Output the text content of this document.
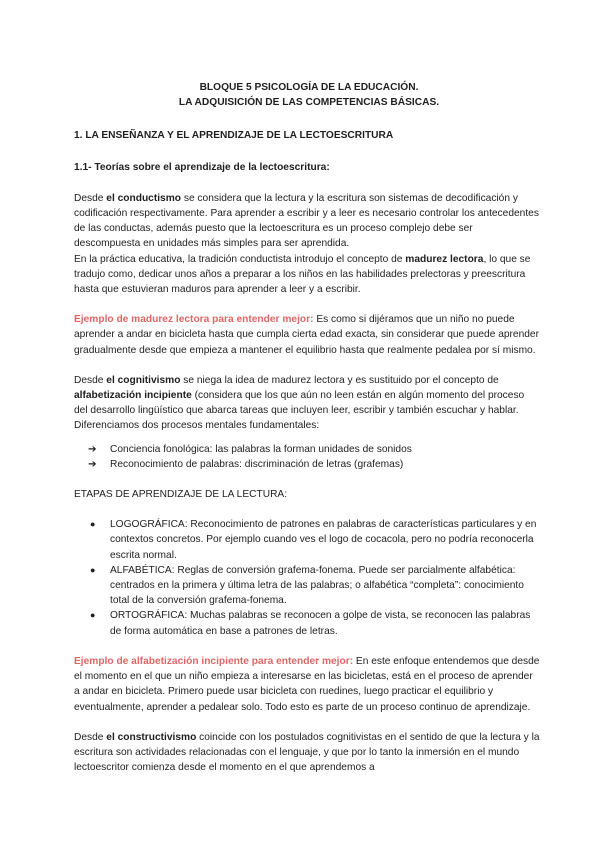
BLOQUE 5 PSICOLOGÍA DE LA EDUCACIÓN.
LA ADQUISICIÓN DE LAS COMPETENCIAS BÁSICAS.
1. LA ENSEÑANZA Y EL APRENDIZAJE DE LA LECTOESCRITURA
1.1- Teorías sobre el aprendizaje de la lectoescritura:

Desde el conductismo se considera que la lectura y la escritura son sistemas de decodificación y codificación respectivamente. Para aprender a escribir y a leer es necesario controlar los antecedentes de las conductas, además puesto que la lectoescritura es un proceso complejo debe ser descompuesta en unidades más simples para ser aprendida.

En la práctica educativa, la tradición conductista introdujo el concepto de madurez lectora, lo que se tradujo como, dedicar unos años a preparar a los niños en las habilidades prelectoras y preescritura hasta que estuvieran maduros para aprender a leer y a escribir.

Ejemplo de madurez lectora para entender mejor: Es como si dijéramos que un niño no puede aprender a andar en bicicleta hasta que cumpla cierta edad exacta, sin considerar que puede aprender gradualmente desde que empieza a mantener el equilibrio hasta que realmente pedalea por sí mismo.

Desde el cognitivismo se niega la idea de madurez lectora y es sustituido por el concepto de alfabetización incipiente (considera que los que aún no leen están en algún momento del proceso del desarrollo lingüístico que abarca tareas que incluyen leer, escribir y también escuchar y hablar.

Diferenciamos dos procesos mentales fundamentales:

➔ Conciencia fonológica: las palabras la forman unidades de sonidos
➔ Reconocimiento de palabras: discriminación de letras (grafemas)

ETAPAS DE APRENDIZAJE DE LA LECTURA:

● LOGOGRÁFICA: Reconocimiento de patrones en palabras de características particulares y en contextos concretos. Por ejemplo cuando ves el logo de cocacola, pero no podría reconocerla escrita normal.
● ALFABÉTICA: Reglas de conversión grafema-fonema. Puede ser parcialmente alfabética: centrados en la primera y última letra de las palabras; o alfabética “completa”: conocimiento total de la conversión grafema-fonema.
● ORTOGRÁFICA: Muchas palabras se reconocen a golpe de vista, se reconocen las palabras de forma automática en base a patrones de letras.

Ejemplo de alfabetización incipiente para entender mejor: En este enfoque entendemos que desde el momento en el que un niño empieza a interesarse en las bicicletas, está en el proceso de aprender a andar en bicicleta. Primero puede usar bicicleta con ruedines, luego practicar el equilibrio y eventualmente, aprender a pedalear solo. Todo esto es parte de un proceso continuo de aprendizaje.

Desde el constructivismo coincide con los postulados cognitivistas en el sentido de que la lectura y la escritura son actividades relacionadas con el lenguaje, y que por lo tanto la inmersión en el mundo lectoescritor comienza desde el momento en el que aprendemos a
